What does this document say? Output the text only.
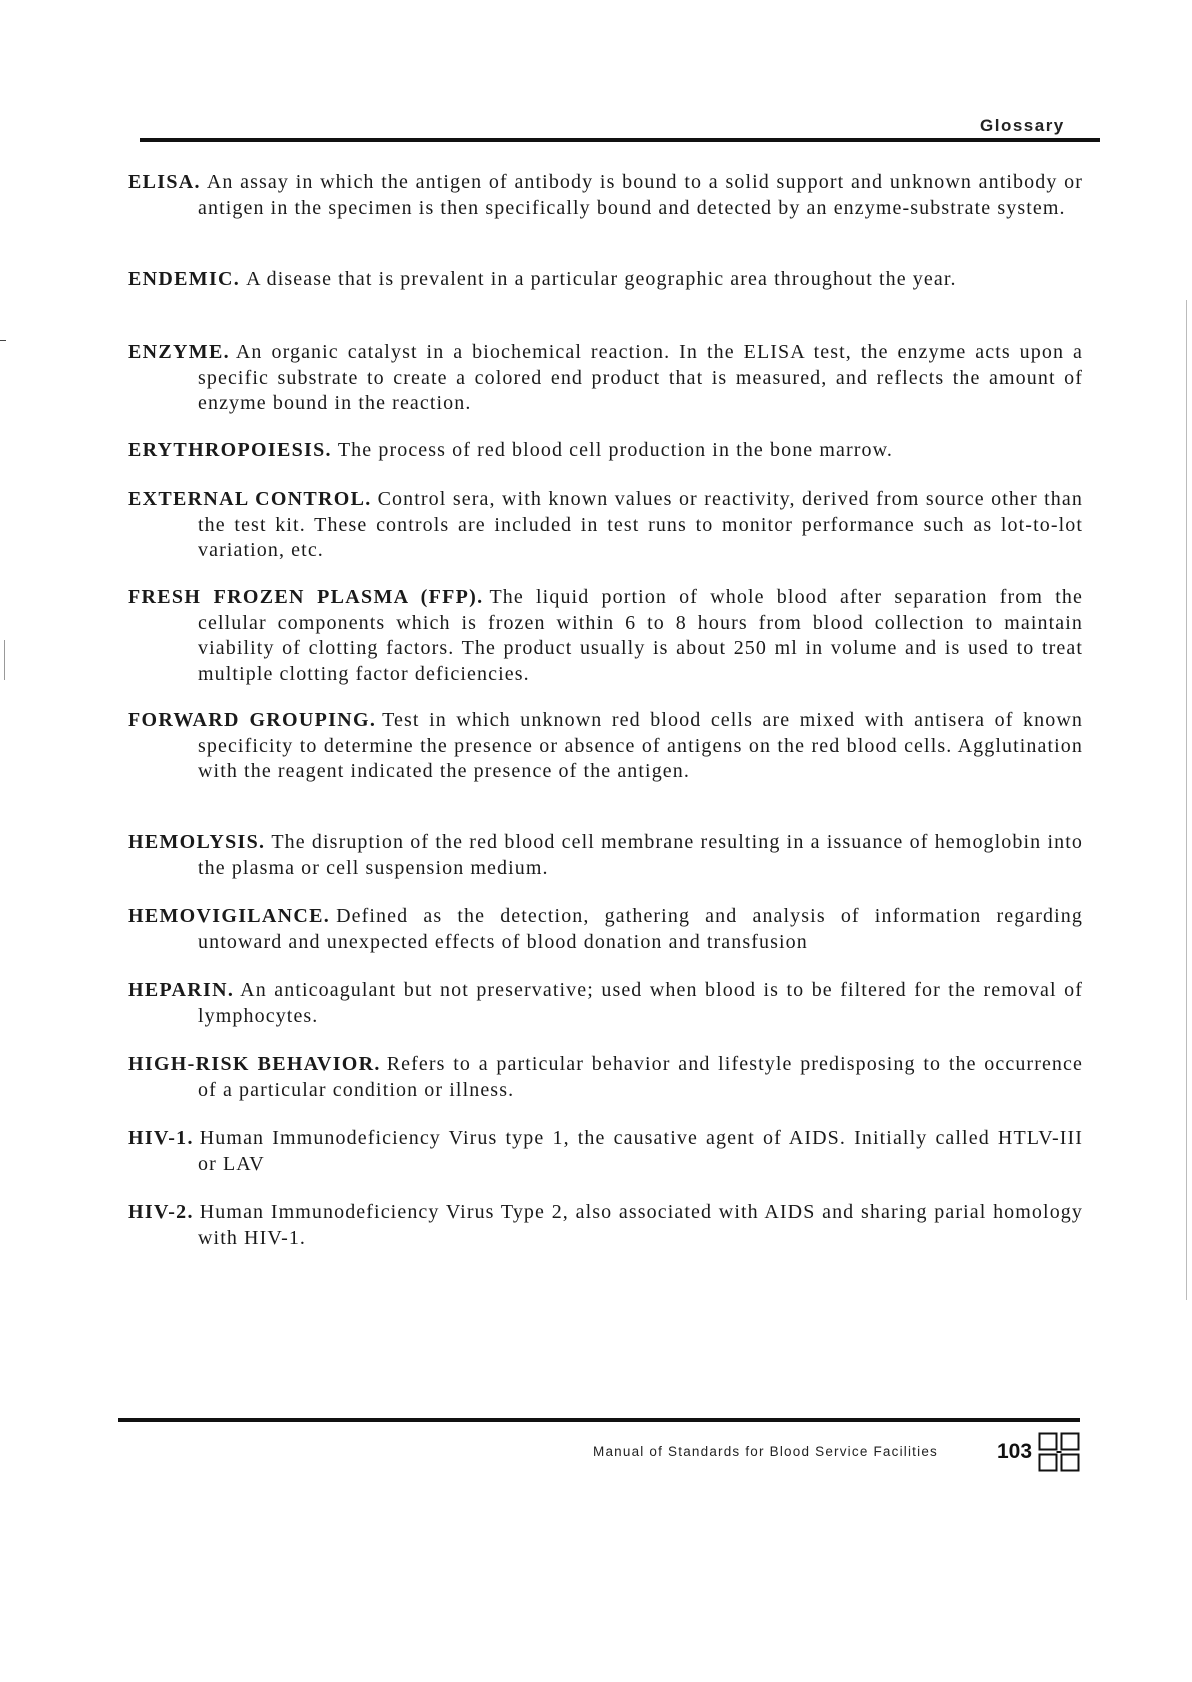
Glossary
ELISA. An assay in which the antigen of antibody is bound to a solid support and unknown antibody or antigen in the specimen is then specifically bound and detected by an enzyme-substrate system.
ENDEMIC. A disease that is prevalent in a particular geographic area throughout the year.
ENZYME. An organic catalyst in a biochemical reaction. In the ELISA test, the enzyme acts upon a specific substrate to create a colored end product that is measured, and reflects the amount of enzyme bound in the reaction.
ERYTHROPOIESIS. The process of red blood cell production in the bone marrow.
EXTERNAL CONTROL. Control sera, with known values or reactivity, derived from source other than the test kit. These controls are included in test runs to monitor performance such as lot-to-lot variation, etc.
FRESH FROZEN PLASMA (FFP). The liquid portion of whole blood after separation from the cellular components which is frozen within 6 to 8 hours from blood collection to maintain viability of clotting factors. The product usually is about 250 ml in volume and is used to treat multiple clotting factor deficiencies.
FORWARD GROUPING. Test in which unknown red blood cells are mixed with antisera of known specificity to determine the presence or absence of antigens on the red blood cells. Agglutination with the reagent indicated the presence of the antigen.
HEMOLYSIS. The disruption of the red blood cell membrane resulting in a issuance of hemoglobin into the plasma or cell suspension medium.
HEMOVIGILANCE. Defined as the detection, gathering and analysis of information regarding untoward and unexpected effects of blood donation and transfusion
HEPARIN. An anticoagulant but not preservative; used when blood is to be filtered for the removal of lymphocytes.
HIGH-RISK BEHAVIOR. Refers to a particular behavior and lifestyle predisposing to the occurrence of a particular condition or illness.
HIV-1. Human Immunodeficiency Virus type 1, the causative agent of AIDS. Initially called HTLV-III or LAV
HIV-2. Human Immunodeficiency Virus Type 2, also associated with AIDS and sharing parial homology with HIV-1.
Manual of Standards for Blood Service Facilities	103
